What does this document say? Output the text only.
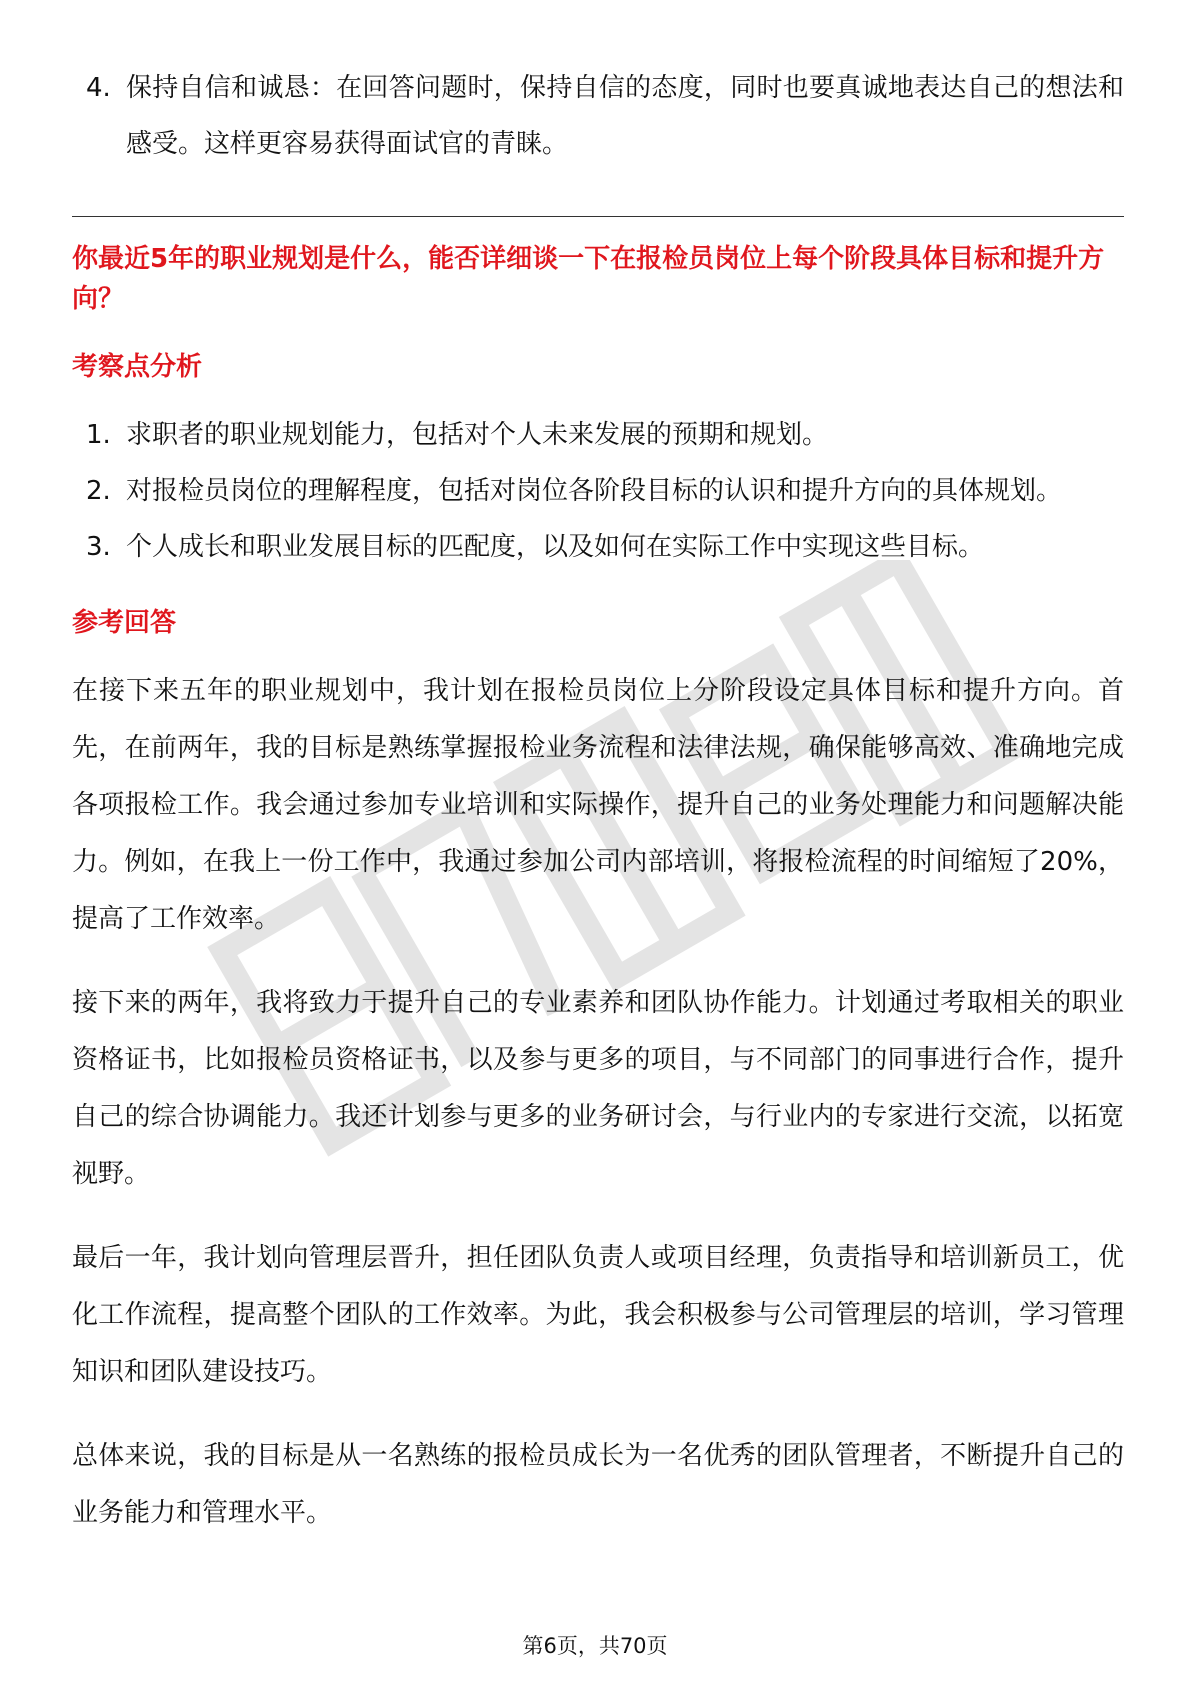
4. 保持自信和诚恳：在回答问题时，保持自信的态度，同时也要真诚地表达自己的想法和感受。这样更容易获得面试官的青睐。

你最近5年的职业规划是什么，能否详细谈一下在报检员岗位上每个阶段具体目标和提升方向？

考察点分析
1. 求职者的职业规划能力，包括对个人未来发展的预期和规划。
2. 对报检员岗位的理解程度，包括对岗位各阶段目标的认识和提升方向的具体规划。
3. 个人成长和职业发展目标的匹配度，以及如何在实际工作中实现这些目标。
参考回答

在接下来五年的职业规划中，我计划在报检员岗位上分阶段设定具体目标和提升方向。首先，在前两年，我的目标是熟练掌握报检业务流程和法律法规，确保能够高效、准确地完成各项报检工作。我会通过参加专业培训和实际操作，提升自己的业务处理能力和问题解决能力。例如，在我上一份工作中，我通过参加公司内部培训，将报检流程的时间缩短了20%，提高了工作效率。

接下来的两年，我将致力于提升自己的专业素养和团队协作能力。计划通过考取相关的职业资格证书，比如报检员资格证书，以及参与更多的项目，与不同部门的同事进行合作，提升自己的综合协调能力。我还计划参与更多的业务研讨会，与行业内的专家进行交流，以拓宽视野。

最后一年，我计划向管理层晋升，担任团队负责人或项目经理，负责指导和培训新员工，优化工作流程，提高整个团队的工作效率。为此，我会积极参与公司管理层的培训，学习管理知识和团队建设技巧。

总体来说，我的目标是从一名熟练的报检员成长为一名优秀的团队管理者，不断提升自己的业务能力和管理水平。

第6页，共70页
